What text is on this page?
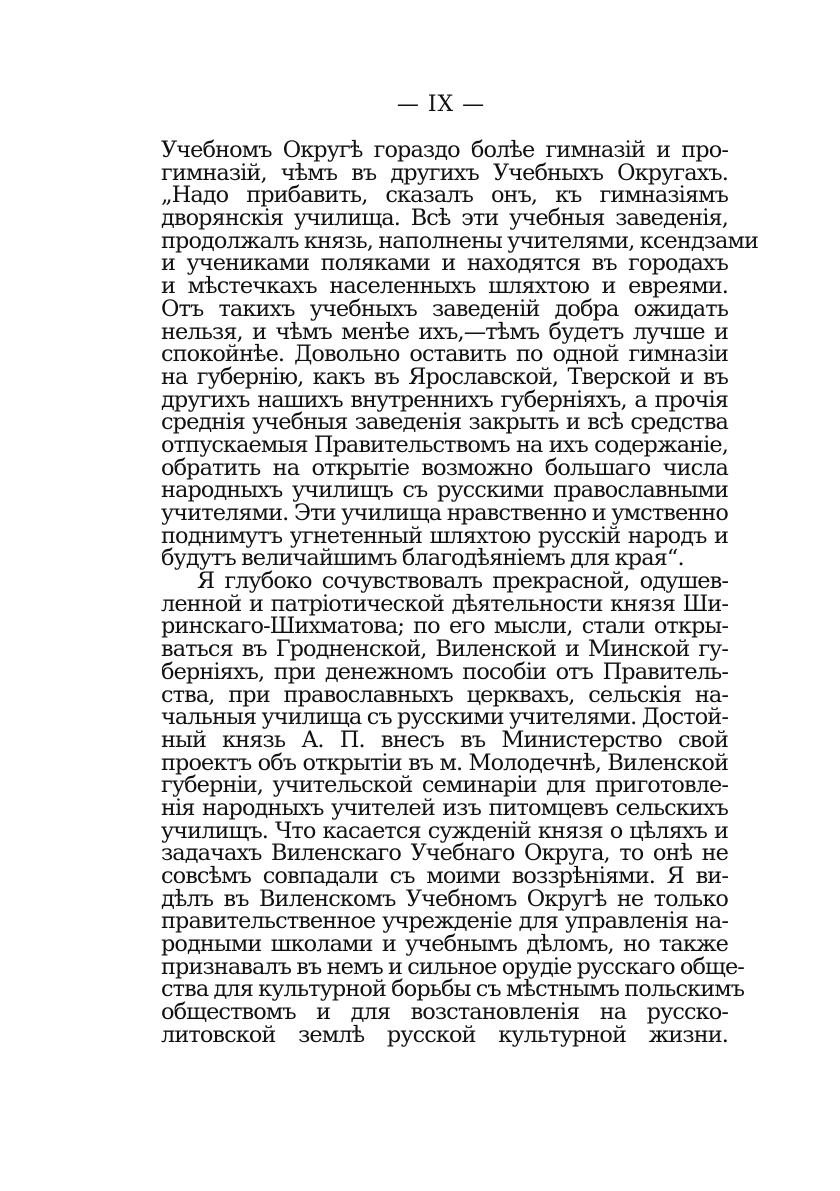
— IX —
Учебномъ Округѣ гораздо болѣе гимназій и про-
гимназій, чѣмъ въ другихъ Учебныхъ Округахъ.
„Надо прибавить, сказалъ онъ, къ гимназіямъ
дворянскія училища. Всѣ эти учебныя заведенія,
продолжалъ князь, наполнены учителями, ксендзами
и учениками поляками и находятся въ городахъ
и мѣстечкахъ населенныхъ шляхтою и евреями.
Отъ такихъ учебныхъ заведеній добра ожидать
нельзя, и чѣмъ менѣе ихъ,—тѣмъ будетъ лучше и
спокойнѣе. Довольно оставить по одной гимназіи
на губернію, какъ въ Ярославской, Тверской и въ
другихъ нашихъ внутреннихъ губерніяхъ, а прочія
среднія учебныя заведенія закрыть и всѣ средства
отпускаемыя Правительствомъ на ихъ содержаніе,
обратить на открытіе возможно большаго числа
народныхъ училищъ съ русскими православными
учителями. Эти училища нравственно и умственно
поднимутъ угнетенный шляхтою русскій народъ и
будутъ величайшимъ благодѣяніемъ для края“.
Я глубоко сочувствовалъ прекрасной, одушев-
ленной и патріотической дѣятельности князя Ши-
ринскаго-Шихматова; по его мысли, стали откры-
ваться въ Гродненской, Виленской и Минской гу-
берніяхъ, при денежномъ пособіи отъ Правитель-
ства, при православныхъ церквахъ, сельскія на-
чальныя училища съ русскими учителями. Достой-
ный князь А. П. внесъ въ Министерство свой
проектъ объ открытіи въ м. Молодечнѣ, Виленской
губерніи, учительской семинаріи для приготовле-
нія народныхъ учителей изъ питомцевъ сельскихъ
училищъ. Что касается сужденій князя о цѣляхъ и
задачахъ Виленскаго Учебнаго Округа, то онѣ не
совсѣмъ совпадали съ моими воззрѣніями. Я ви-
дѣлъ въ Виленскомъ Учебномъ Округѣ не только
правительственное учрежденіе для управленія на-
родными школами и учебнымъ дѣломъ, но также
признавалъ въ немъ и сильное орудіе русскаго обще-
ства для культурной борьбы съ мѣстнымъ польскимъ
обществомъ и для возстановленія на русско-
литовской землѣ русской культурной жизни.
